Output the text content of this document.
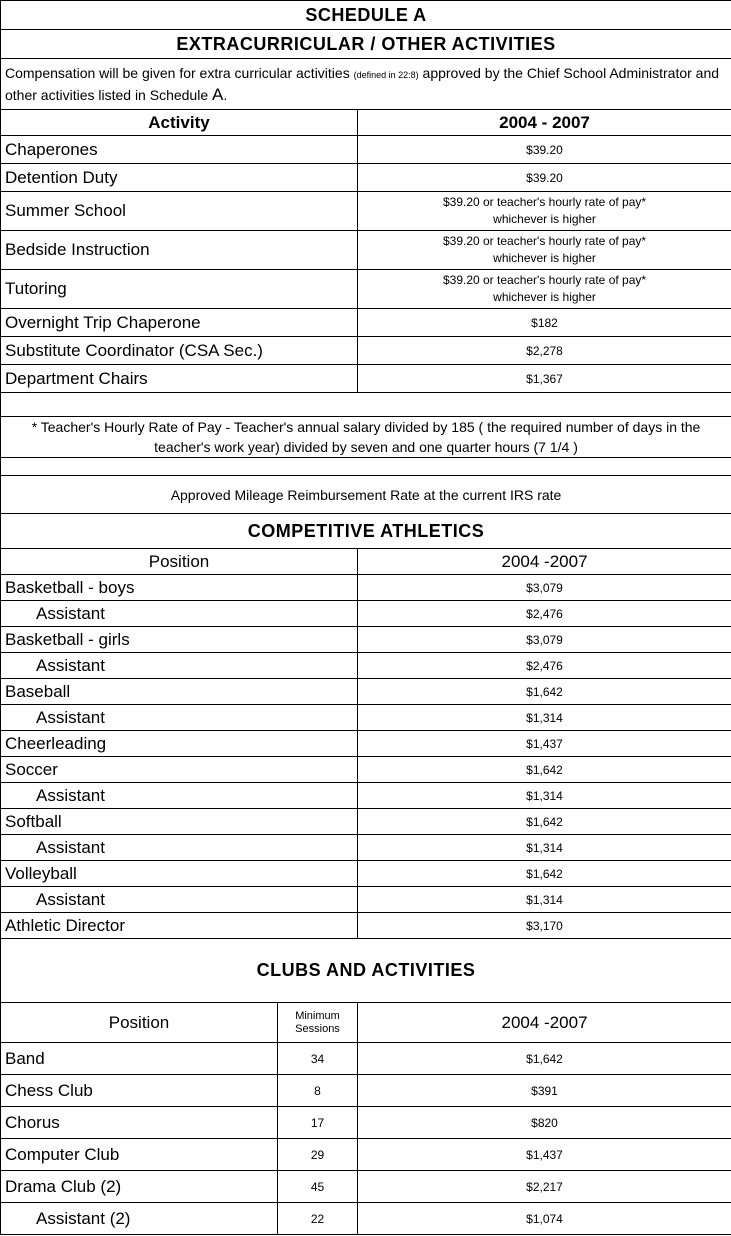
SCHEDULE A		
EXTRACURRICULAR / OTHER ACTIVITIES		
Compensation will be given for extra curricular activities (defined in 22:8) approved by the Chief School Administrator and other activities listed in Schedule A.		
Activity		2004 - 2007
Chaperones		$39.20
Detention Duty		$39.20
Summer School		$39.20 or teacher's hourly rate of pay*
whichever is higher

Bedside Instruction		$39.20 or teacher's hourly rate of pay*
whichever is higher

Tutoring		$39.20 or teacher's hourly rate of pay*
whichever is higher

Overnight Trip Chaperone		$182
Substitute Coordinator (CSA Sec.)		$2,278
Department Chairs		$1,367

* Teacher's Hourly Rate of Pay - Teacher's annual salary divided by 185 ( the required number of days in the teacher's work year) divided by seven and one quarter hours (7 1/4 )		

Approved Mileage Reimbursement Rate at the current IRS rate		
COMPETITIVE ATHLETICS		
Position		2004 -2007
Basketball - boys		$3,079
Assistant		$2,476
Basketball - girls		$3,079
Assistant		$2,476
Baseball		$1,642
Assistant		$1,314
Cheerleading		$1,437
Soccer		$1,642
Assistant		$1,314
Softball		$1,642
Assistant		$1,314
Volleyball		$1,642
Assistant		$1,314
Athletic Director		$3,170
CLUBS AND ACTIVITIES		
Position	Minimum Sessions	2004 -2007
Band	34	$1,642
Chess Club	8	$391
Chorus	17	$820
Computer Club	29	$1,437
Drama Club (2)	45	$2,217
Assistant (2)	22	$1,074
